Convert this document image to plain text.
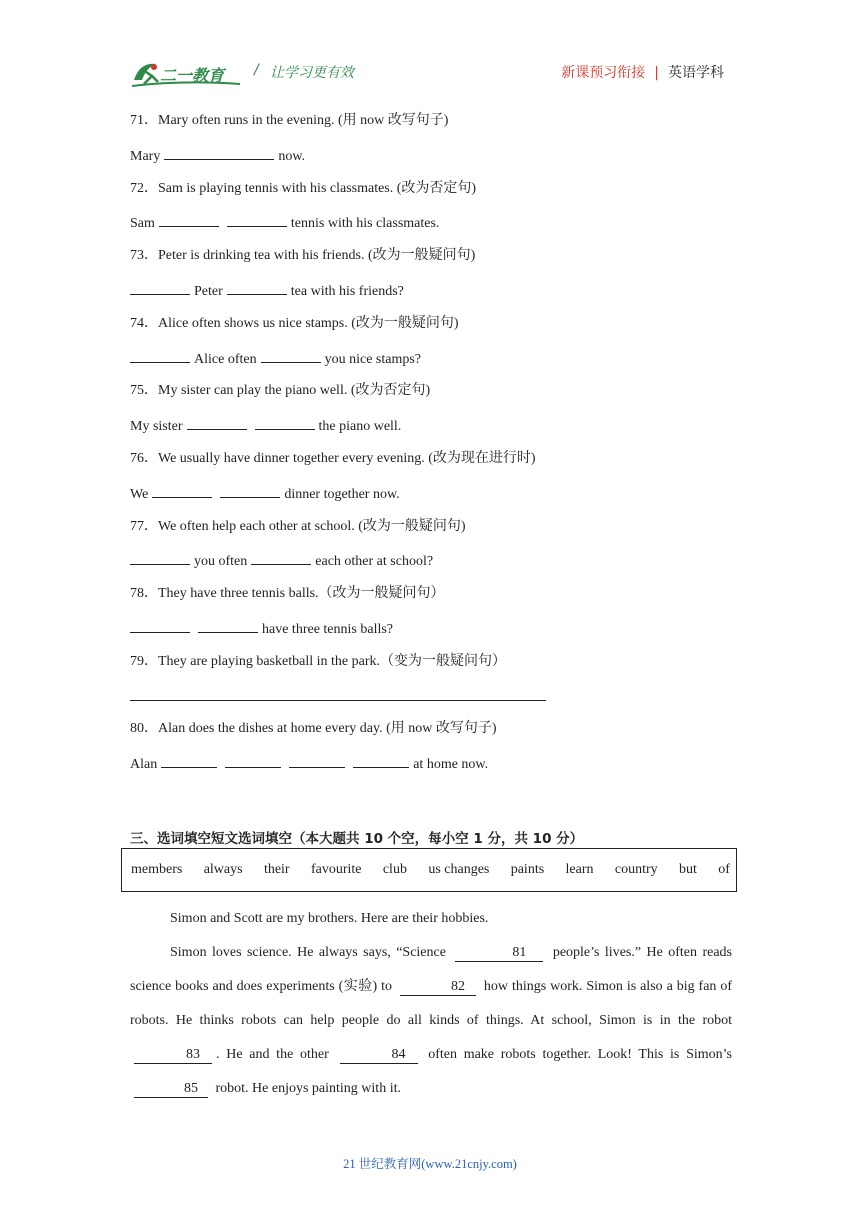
二一教育 / 让学习更有效	新课预习衔接 | 英语学科
71．Mary often runs in the evening. (用 now 改写句子)
Mary	now.
72．Sam is playing tennis with his classmates. (改为否定句)
Sam	tennis with his classmates.
73．Peter is drinking tea with his friends. (改为一般疑问句)
Peter	tea with his friends?
74．Alice often shows us nice stamps. (改为一般疑问句)
Alice often	you nice stamps?
75．My sister can play the piano well. (改为否定句)
My sister	the piano well.
76．We usually have dinner together every evening. (改为现在进行时)
We	dinner together now.
77．We often help each other at school. (改为一般疑问句)
you often	each other at school?
78．They have three tennis balls.（改为一般疑问句）
have three tennis balls?
79．They are playing basketball in the park.（变为一般疑问句）
80．Alan does the dishes at home every day. (用 now 改写句子)
Alan	at home now.
三、选词填空短文选词填空（本大题共 10 个空，每小空 1 分，共 10 分）
members always their favourite club us changes paints learn country but of
Simon and Scott are my brothers. Here are their hobbies.
Simon loves science. He always says, “Science	81 people’s lives.” He often reads science books and does experiments (实验) to	82 how things work. Simon is also a big fan of robots. He thinks robots can help people do all kinds of things. At school, Simon is in the robot 83 . He and the other	84 often make robots together. Look! This is Simon’s 85 robot. He enjoys painting with it.
21 世纪教育网(www.21cnjy.com)
